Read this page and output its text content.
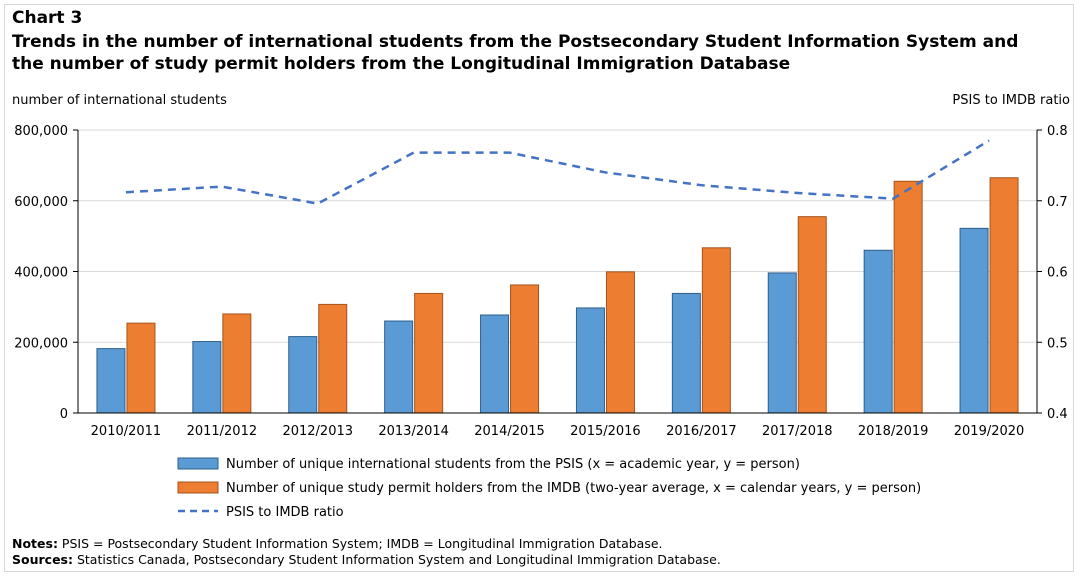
Chart 3
Trends in the number of international students from the Postsecondary Student Information System and
the number of study permit holders from the Longitudinal Immigration Database
0
200,000
400,000
600,000
800,000
0.4
0.5
0.6
0.7
0.8
2010/2011 2011/2012 2012/2013 2013/2014 2014/2015 2015/2016 2016/2017 2017/2018 2018/2019 2019/2020
number of international students	PSIS to IMDB ratio
Number of unique international students from the PSIS (x = academic year, y = person)
Number of unique study permit holders from the IMDB (two-year average, x = calendar years, y = person)
PSIS to IMDB ratio
Notes: PSIS = Postsecondary Student Information System; IMDB = Longitudinal Immigration Database.
Sources: Statistics Canada, Postsecondary Student Information System and Longitudinal Immigration Database.
